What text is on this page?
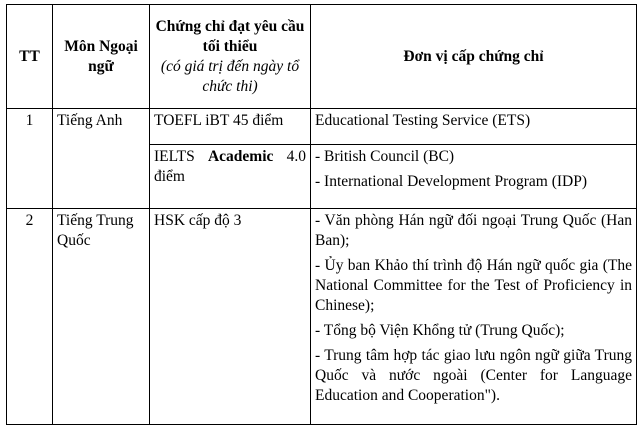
TT	Môn Ngoại ngữ	Chứng chỉ đạt yêu cầu tối thiểu
(có giá trị đến ngày tổ chức thi)	Đơn vị cấp chứng chỉ
1	Tiếng Anh	TOEFL iBT 45 điểm	Educational Testing Service (ETS)

		IELTS Academic 4.0 điểm	- British Council (BC)
- International Development Program (IDP)

2	Tiếng Trung Quốc	HSK cấp độ 3	- Văn phòng Hán ngữ đối ngoại Trung Quốc (Han Ban);
- Ủy ban Khảo thí trình độ Hán ngữ quốc gia (The National Committee for the Test of Proficiency in Chinese);
- Tổng bộ Viện Khổng tử (Trung Quốc);
- Trung tâm hợp tác giao lưu ngôn ngữ giữa Trung Quốc và nước ngoài (Center for Language Education and Cooperation").
